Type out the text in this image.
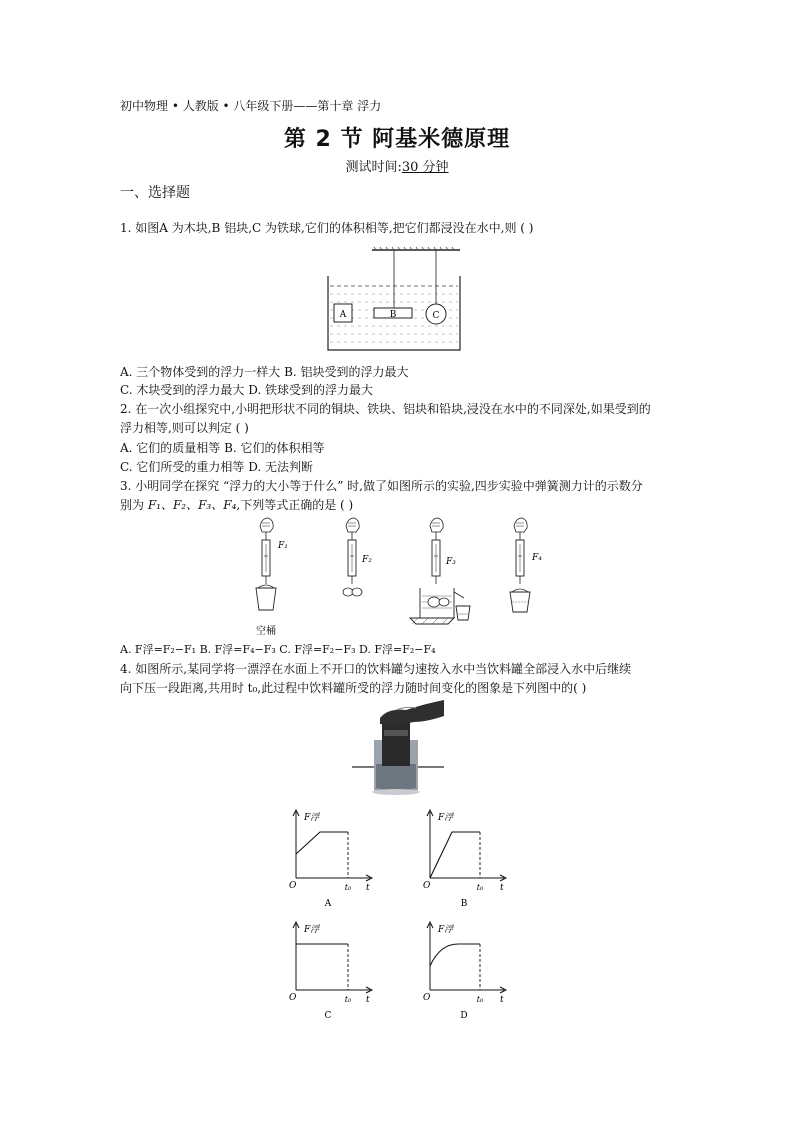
初中物理 • 人教版 • 八年级下册——第十章 浮力
第 2 节 阿基米德原理
测试时间:30 分钟
一、选择题
1. 如图A 为木块,B 铝块,C 为铁球,它们的体积相等,把它们都浸没在水中,则 ( )
A	B	C
A. 三个物体受到的浮力一样大 B. 铝块受到的浮力最大
C. 木块受到的浮力最大 D. 铁球受到的浮力最大
2. 在一次小组探究中,小明把形状不同的铜块、铁块、铝块和铅块,浸没在水中的不同深处,如果受到的
浮力相等,则可以判定 ( )
A. 它们的质量相等 B. 它们的体积相等
C. 它们所受的重力相等 D. 无法判断
3. 小明同学在探究 “浮力的大小等于什么” 时,做了如图所示的实验,四步实验中弹簧测力计的示数分
别为 F₁、F₂、F₃、F₄,下列等式正确的是 ( )
F₁
空桶
F₂	F₃	F₄
A. F浮=F₂−F₁ B. F浮=F₄−F₃ C. F浮=F₂−F₃ D. F浮=F₂−F₄
4. 如图所示,某同学将一漂浮在水面上不开口的饮料罐匀速按入水中当饮料罐全部浸入水中后继续
向下压一段距离,共用时 t₀,此过程中饮料罐所受的浮力随时间变化的图象是下列图中的( )
F浮
O	t₀ t
A
F浮
O	t₀ t
B
F浮
O	t₀ t
C
F浮
O	t₀ t
D
